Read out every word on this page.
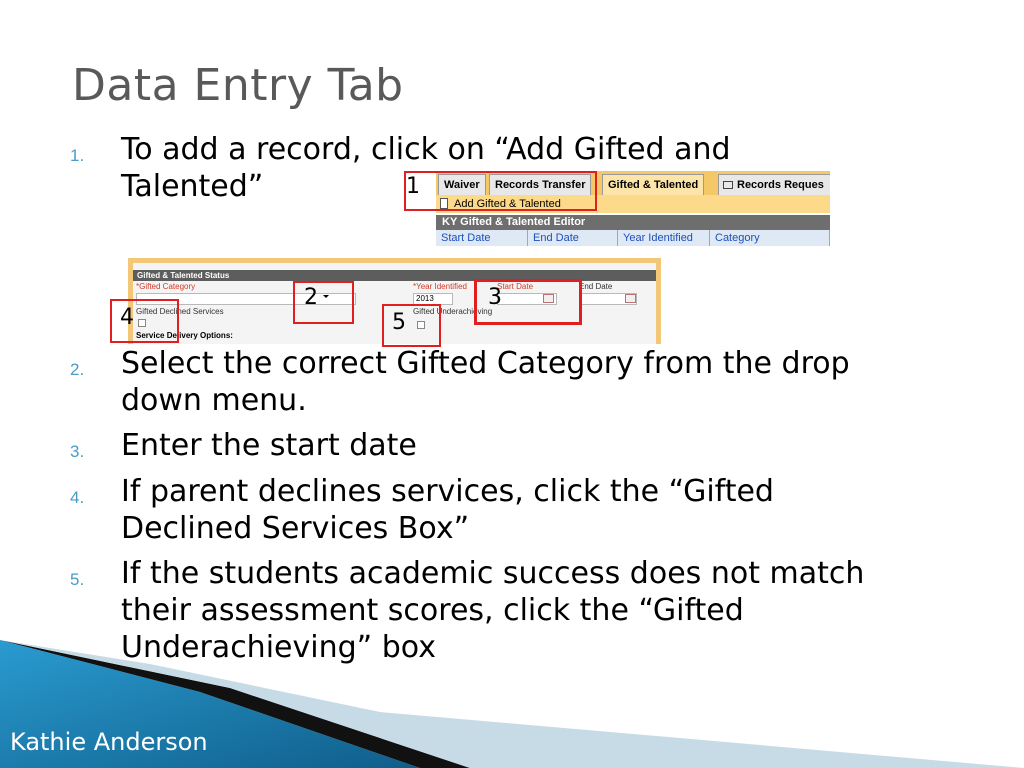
Data Entry Tab
1. To add a record, click on “Add Gifted and Talented”	Waiver	Records Transfer	Gifted & Talented	Records Reques
Add Gifted & Talented
KY Gifted & Talented Editor
Start Date	End Date	Year Identified	Category
1
Gifted & Talented Status
*Gifted Category	*Year Identified
2013
Start Date	End Date
Gifted Declined Services	Gifted Underachieving
Service Delivery Options:
2	3
4	5
2. Select the correct Gifted Category from the drop down menu.
3. Enter the start date
4. If parent declines services, click the “Gifted Declined Services Box”
5. If the students academic success does not match their assessment scores, click the “Gifted Underachieving” box
Kathie Anderson
